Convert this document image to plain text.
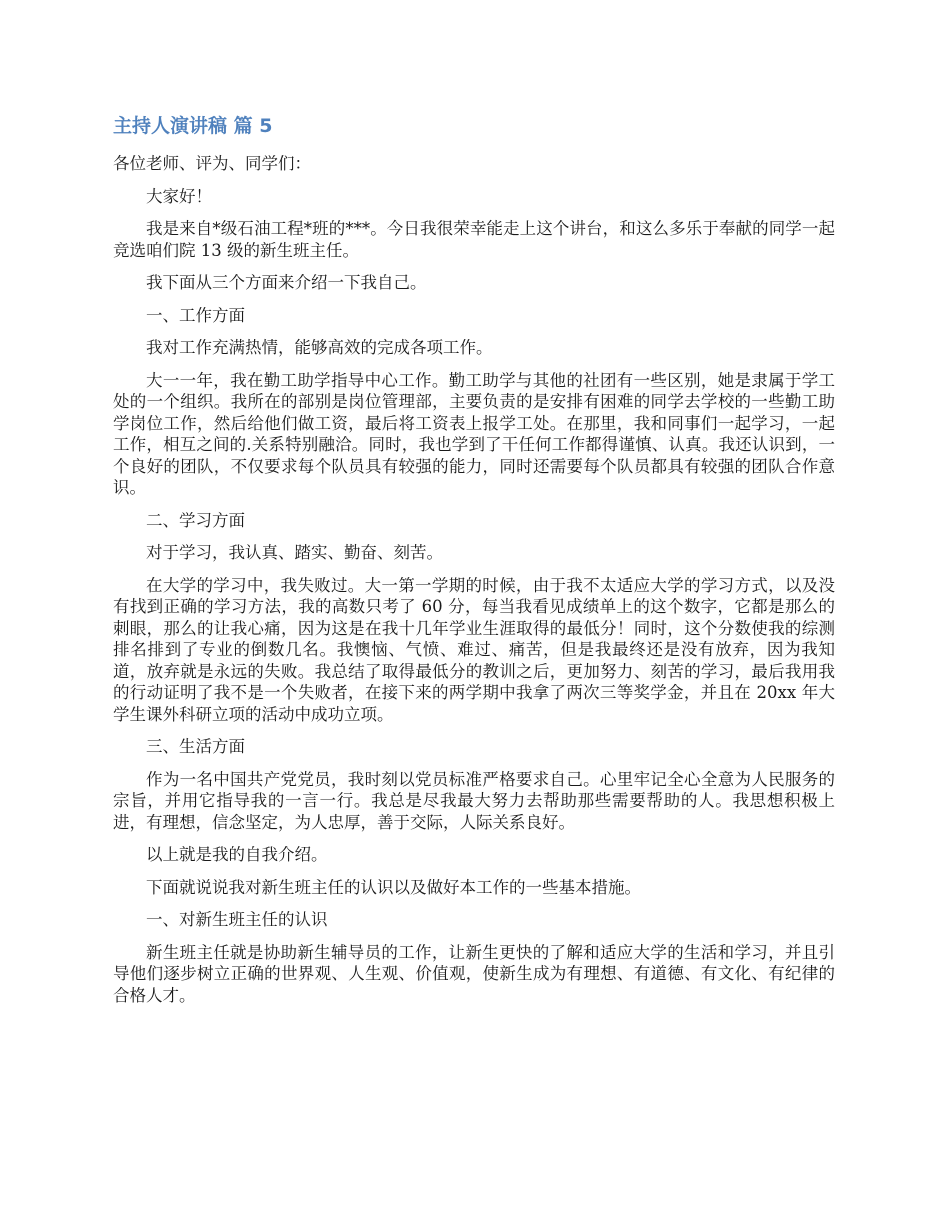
主持人演讲稿 篇 5

各位老师、评为、同学们：

大家好！

我是来自*级石油工程*班的***。今日我很荣幸能走上这个讲台，和这么多乐于奉献的同学一起竞选咱们院 13 级的新生班主任。

我下面从三个方面来介绍一下我自己。

一、工作方面

我对工作充满热情，能够高效的完成各项工作。

大一一年，我在勤工助学指导中心工作。勤工助学与其他的社团有一些区别，她是隶属于学工处的一个组织。我所在的部别是岗位管理部，主要负责的是安排有困难的同学去学校的一些勤工助学岗位工作，然后给他们做工资，最后将工资表上报学工处。在那里，我和同事们一起学习，一起工作，相互之间的.关系特别融洽。同时，我也学到了干任何工作都得谨慎、认真。我还认识到，一个良好的团队，不仅要求每个队员具有较强的能力，同时还需要每个队员都具有较强的团队合作意识。

二、学习方面

对于学习，我认真、踏实、勤奋、刻苦。

在大学的学习中，我失败过。大一第一学期的时候，由于我不太适应大学的学习方式，以及没有找到正确的学习方法，我的高数只考了 60 分，每当我看见成绩单上的这个数字，它都是那么的刺眼，那么的让我心痛，因为这是在我十几年学业生涯取得的最低分！同时，这个分数使我的综测排名排到了专业的倒数几名。我懊恼、气愤、难过、痛苦，但是我最终还是没有放弃，因为我知道，放弃就是永远的失败。我总结了取得最低分的教训之后，更加努力、刻苦的学习，最后我用我的行动证明了我不是一个失败者，在接下来的两学期中我拿了两次三等奖学金，并且在 20xx 年大学生课外科研立项的活动中成功立项。

三、生活方面

作为一名中国共产党党员，我时刻以党员标准严格要求自己。心里牢记全心全意为人民服务的宗旨，并用它指导我的一言一行。我总是尽我最大努力去帮助那些需要帮助的人。我思想积极上进，有理想，信念坚定，为人忠厚，善于交际，人际关系良好。

以上就是我的自我介绍。

下面就说说我对新生班主任的认识以及做好本工作的一些基本措施。

一、对新生班主任的认识

新生班主任就是协助新生辅导员的工作，让新生更快的了解和适应大学的生活和学习，并且引导他们逐步树立正确的世界观、人生观、价值观，使新生成为有理想、有道德、有文化、有纪律的合格人才。
